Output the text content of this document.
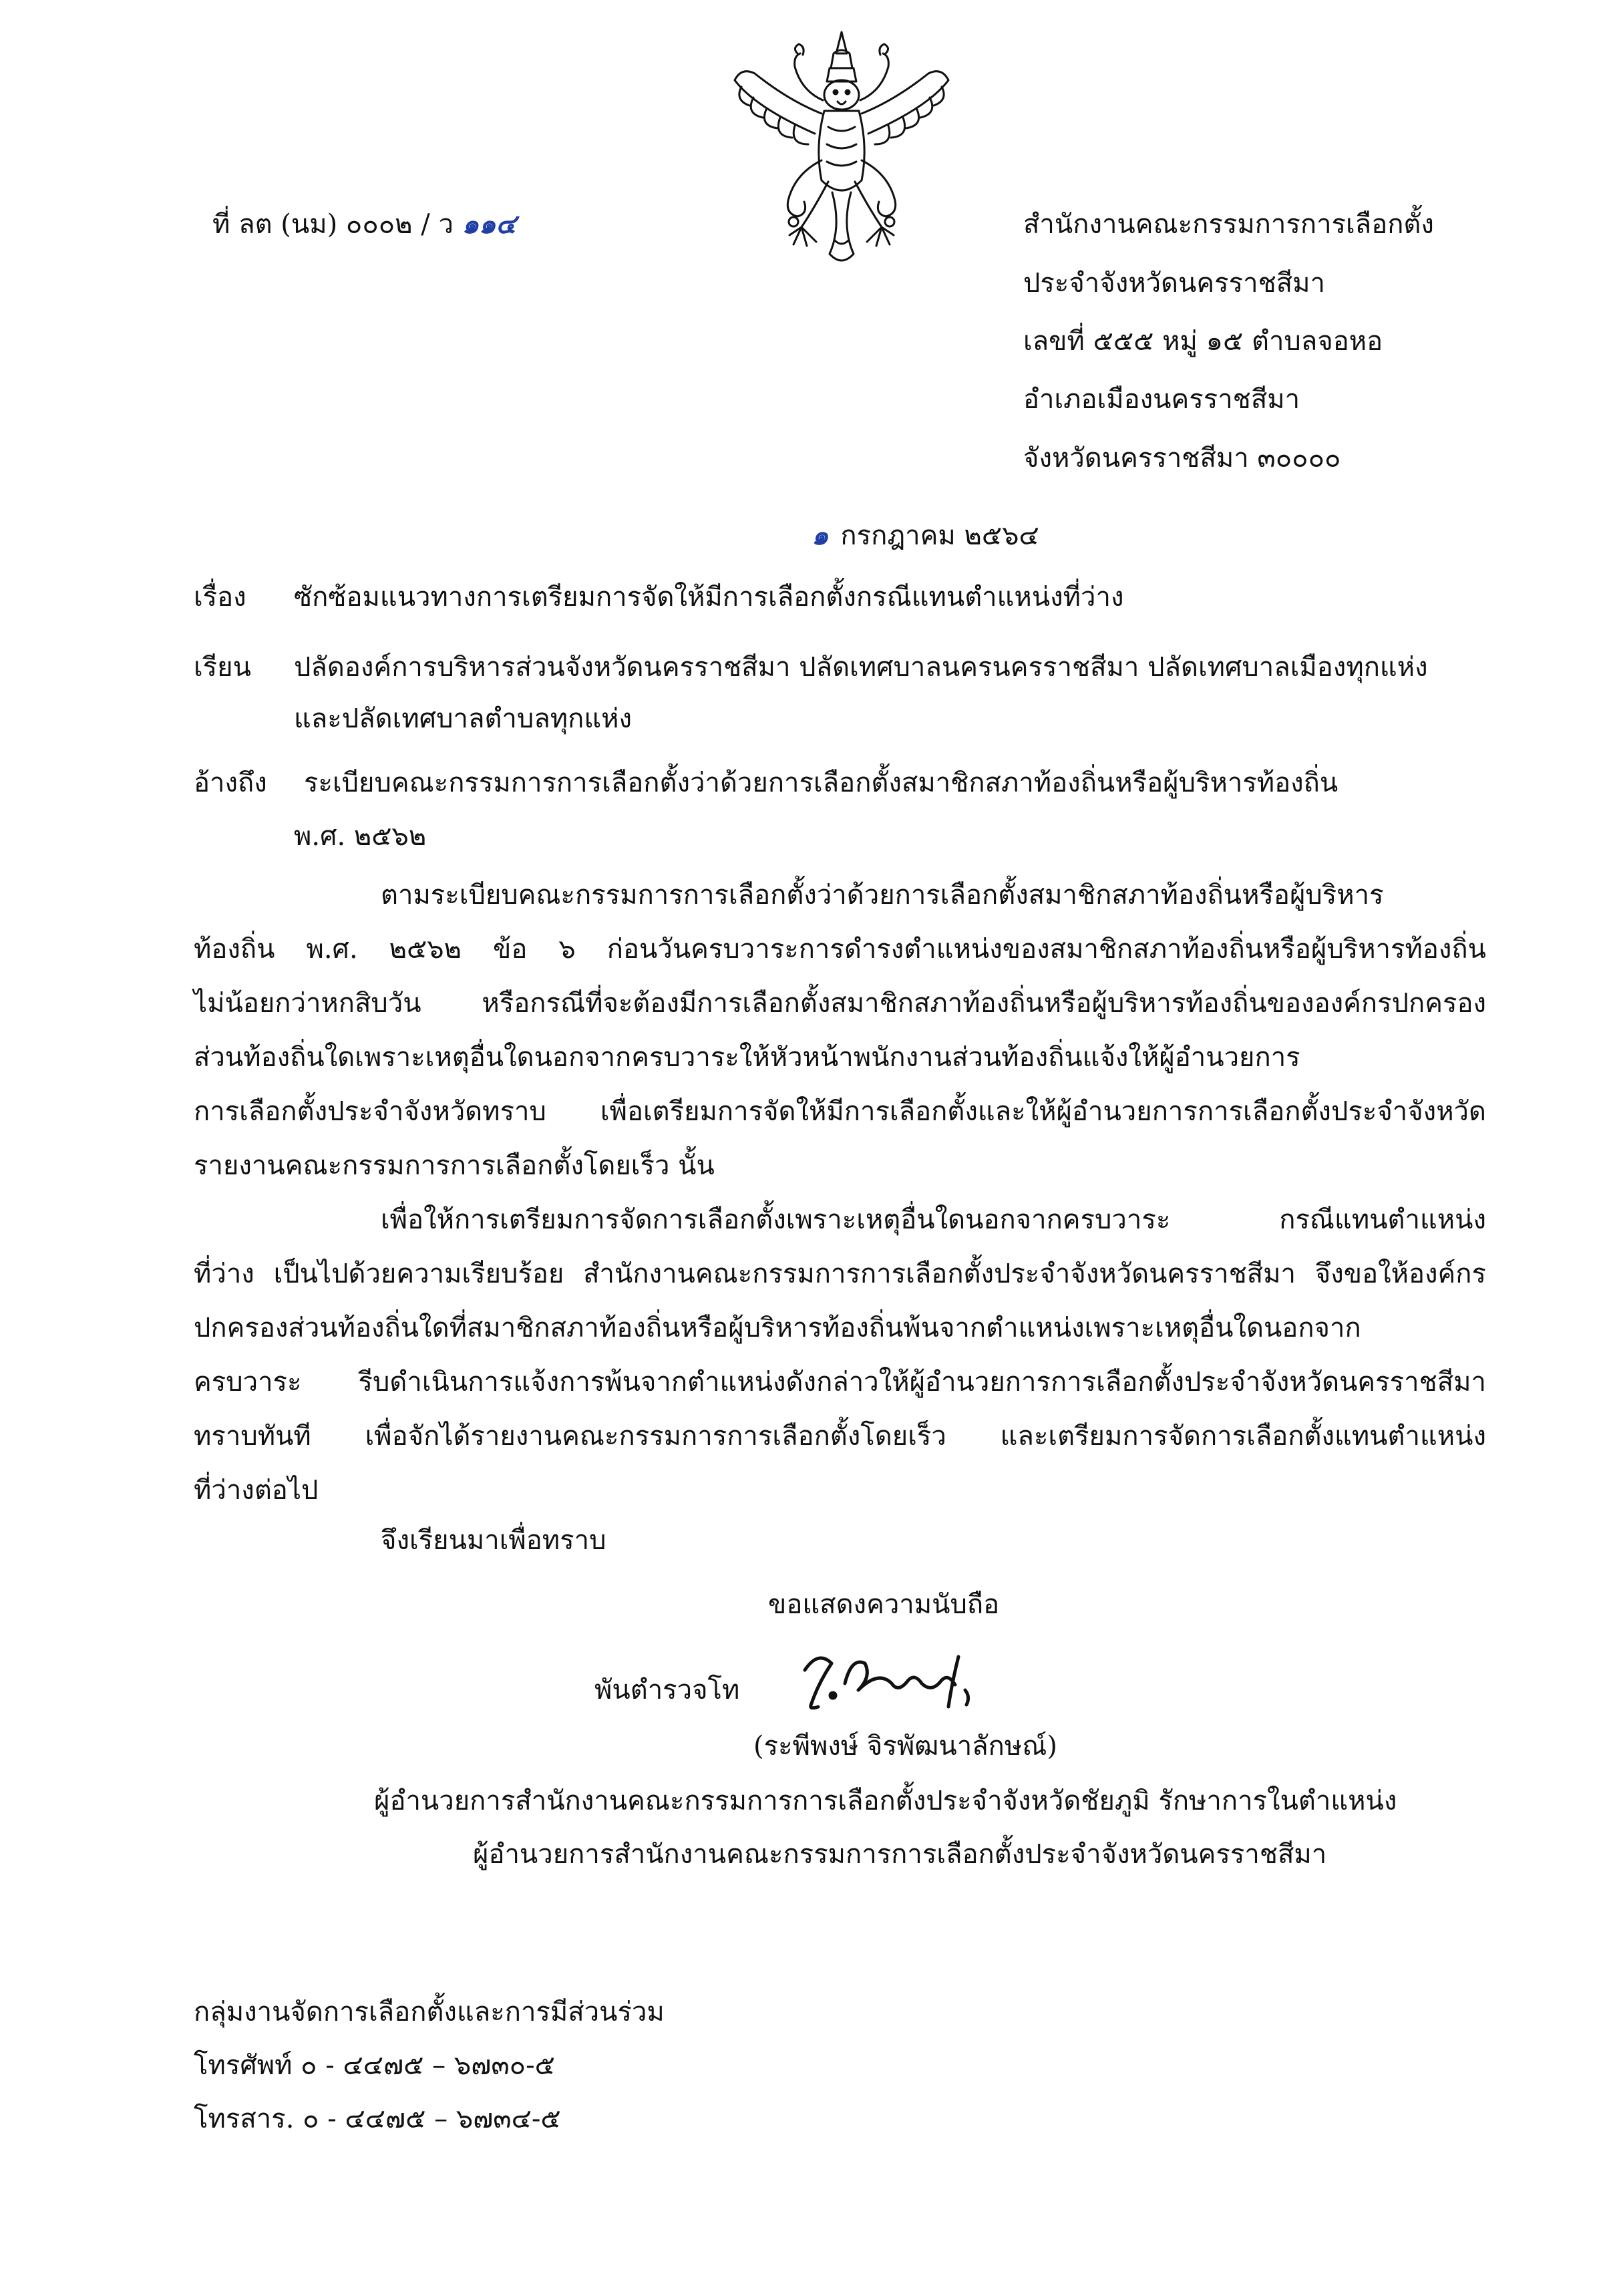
ที่ ลต (นม) ๐๐๐๒ / ว ๑๑๔	สำนักงานคณะกรรมการการเลือกตั้ง
ประจำจังหวัดนครราชสีมา
เลขที่ ๕๕๕ หมู่ ๑๕ ตำบลจอหอ
อำเภอเมืองนครราชสีมา
จังหวัดนครราชสีมา ๓๐๐๐๐
๑ กรกฎาคม ๒๕๖๔
เรื่อง ซักซ้อมแนวทางการเตรียมการจัดให้มีการเลือกตั้งกรณีแทนตำแหน่งที่ว่าง
เรียน ปลัดองค์การบริหารส่วนจังหวัดนครราชสีมา ปลัดเทศบาลนครนครราชสีมา ปลัดเทศบาลเมืองทุกแห่ง
และปลัดเทศบาลตำบลทุกแห่ง
อ้างถึง ระเบียบคณะกรรมการการเลือกตั้งว่าด้วยการเลือกตั้งสมาชิกสภาท้องถิ่นหรือผู้บริหารท้องถิ่น
พ.ศ. ๒๕๖๒
ตามระเบียบคณะกรรมการการเลือกตั้งว่าด้วยการเลือกตั้งสมาชิกสภาท้องถิ่นหรือผู้บริหาร
ท้องถิ่น พ.ศ. ๒๕๖๒ ข้อ ๖ ก่อนวันครบวาระการดำรงตำแหน่งของสมาชิกสภาท้องถิ่นหรือผู้บริหารท้องถิ่น
ไม่น้อยกว่าหกสิบวัน หรือกรณีที่จะต้องมีการเลือกตั้งสมาชิกสภาท้องถิ่นหรือผู้บริหารท้องถิ่นขององค์กรปกครอง
ส่วนท้องถิ่นใดเพราะเหตุอื่นใดนอกจากครบวาระให้หัวหน้าพนักงานส่วนท้องถิ่นแจ้งให้ผู้อำนวยการ
การเลือกตั้งประจำจังหวัดทราบ เพื่อเตรียมการจัดให้มีการเลือกตั้งและให้ผู้อำนวยการการเลือกตั้งประจำจังหวัด
รายงานคณะกรรมการการเลือกตั้งโดยเร็ว นั้น
เพื่อให้การเตรียมการจัดการเลือกตั้งเพราะเหตุอื่นใดนอกจากครบวาระ กรณีแทนตำแหน่ง
ที่ว่าง เป็นไปด้วยความเรียบร้อย สำนักงานคณะกรรมการการเลือกตั้งประจำจังหวัดนครราชสีมา จึงขอให้องค์กร
ปกครองส่วนท้องถิ่นใดที่สมาชิกสภาท้องถิ่นหรือผู้บริหารท้องถิ่นพ้นจากตำแหน่งเพราะเหตุอื่นใดนอกจาก
ครบวาระ รีบดำเนินการแจ้งการพ้นจากตำแหน่งดังกล่าวให้ผู้อำนวยการการเลือกตั้งประจำจังหวัดนครราชสีมา
ทราบทันที เพื่อจักได้รายงานคณะกรรมการการเลือกตั้งโดยเร็ว และเตรียมการจัดการเลือกตั้งแทนตำแหน่ง
ที่ว่างต่อไป
จึงเรียนมาเพื่อทราบ
ขอแสดงความนับถือ
พันตำรวจโท
(ระพีพงษ์ จิรพัฒนาลักษณ์)
ผู้อำนวยการสำนักงานคณะกรรมการการเลือกตั้งประจำจังหวัดชัยภูมิ รักษาการในตำแหน่ง
ผู้อำนวยการสำนักงานคณะกรรมการการเลือกตั้งประจำจังหวัดนครราชสีมา
กลุ่มงานจัดการเลือกตั้งและการมีส่วนร่วม
โทรศัพท์ ๐ - ๔๔๗๕ – ๖๗๓๐-๕
โทรสาร. ๐ - ๔๔๗๕ – ๖๗๓๔-๕
